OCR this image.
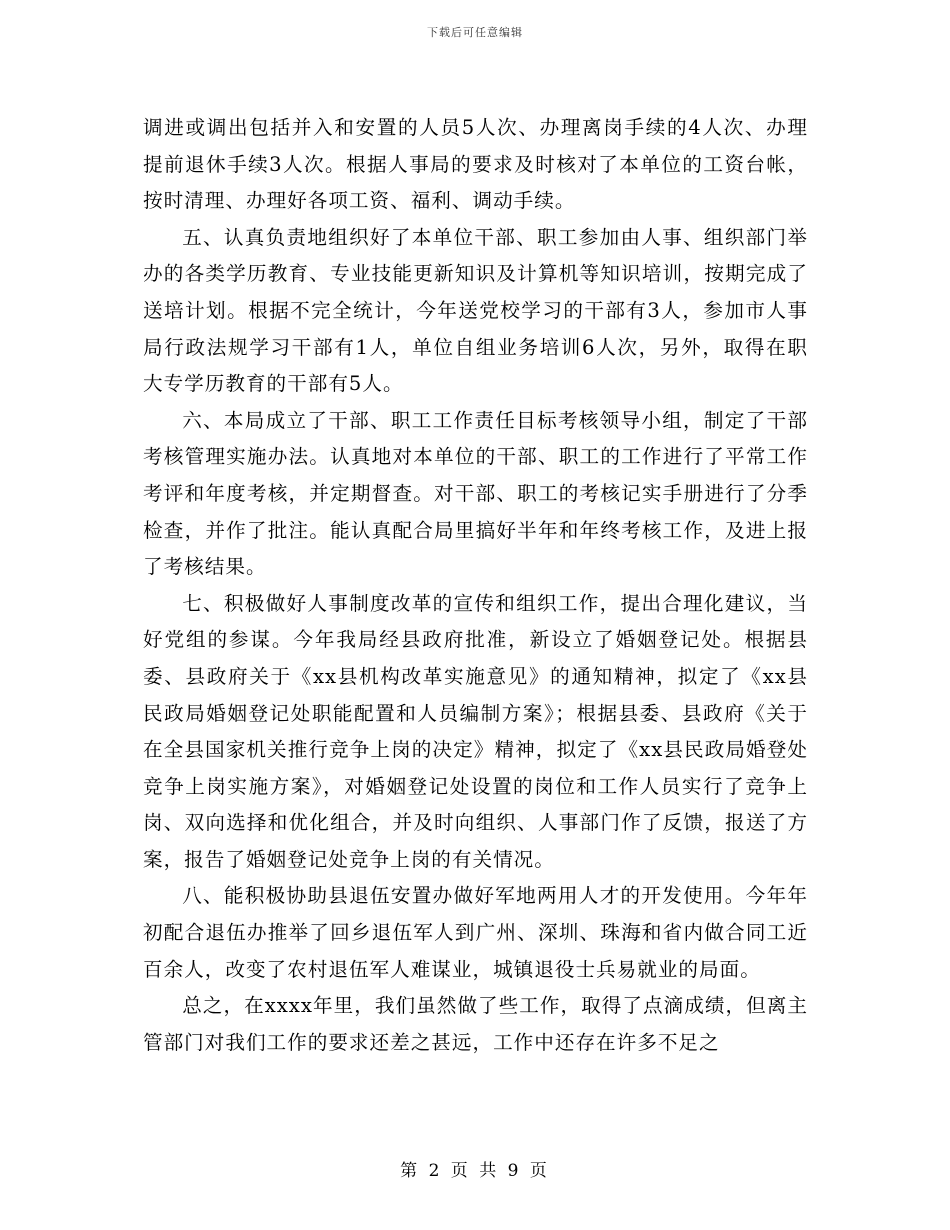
下载后可任意编辑

调进或调出包括并入和安置的人员5人次、办理离岗手续的4人次、办理提前退休手续3人次。根据人事局的要求及时核对了本单位的工资台帐，按时清理、办理好各项工资、福利、调动手续。

五、认真负责地组织好了本单位干部、职工参加由人事、组织部门举办的各类学历教育、专业技能更新知识及计算机等知识培训，按期完成了送培计划。根据不完全统计，今年送党校学习的干部有3人，参加市人事局行政法规学习干部有1人，单位自组业务培训6人次，另外，取得在职大专学历教育的干部有5人。

六、本局成立了干部、职工工作责任目标考核领导小组，制定了干部考核管理实施办法。认真地对本单位的干部、职工的工作进行了平常工作考评和年度考核，并定期督查。对干部、职工的考核记实手册进行了分季检查，并作了批注。能认真配合局里搞好半年和年终考核工作，及进上报了考核结果。

七、积极做好人事制度改革的宣传和组织工作，提出合理化建议，当好党组的参谋。今年我局经县政府批准，新设立了婚姻登记处。根据县委、县政府关于《xx县机构改革实施意见》的通知精神，拟定了《xx县民政局婚姻登记处职能配置和人员编制方案》；根据县委、县政府《关于在全县国家机关推行竞争上岗的决定》精神，拟定了《xx县民政局婚登处竞争上岗实施方案》，对婚姻登记处设置的岗位和工作人员实行了竞争上岗、双向选择和优化组合，并及时向组织、人事部门作了反馈，报送了方案，报告了婚姻登记处竞争上岗的有关情况。

八、能积极协助县退伍安置办做好军地两用人才的开发使用。今年年初配合退伍办推举了回乡退伍军人到广州、深圳、珠海和省内做合同工近百余人，改变了农村退伍军人难谋业，城镇退役士兵易就业的局面。

总之，在xxxx年里，我们虽然做了些工作，取得了点滴成绩，但离主管部门对我们工作的要求还差之甚远，工作中还存在许多不足之

第 2 页 共 9 页
